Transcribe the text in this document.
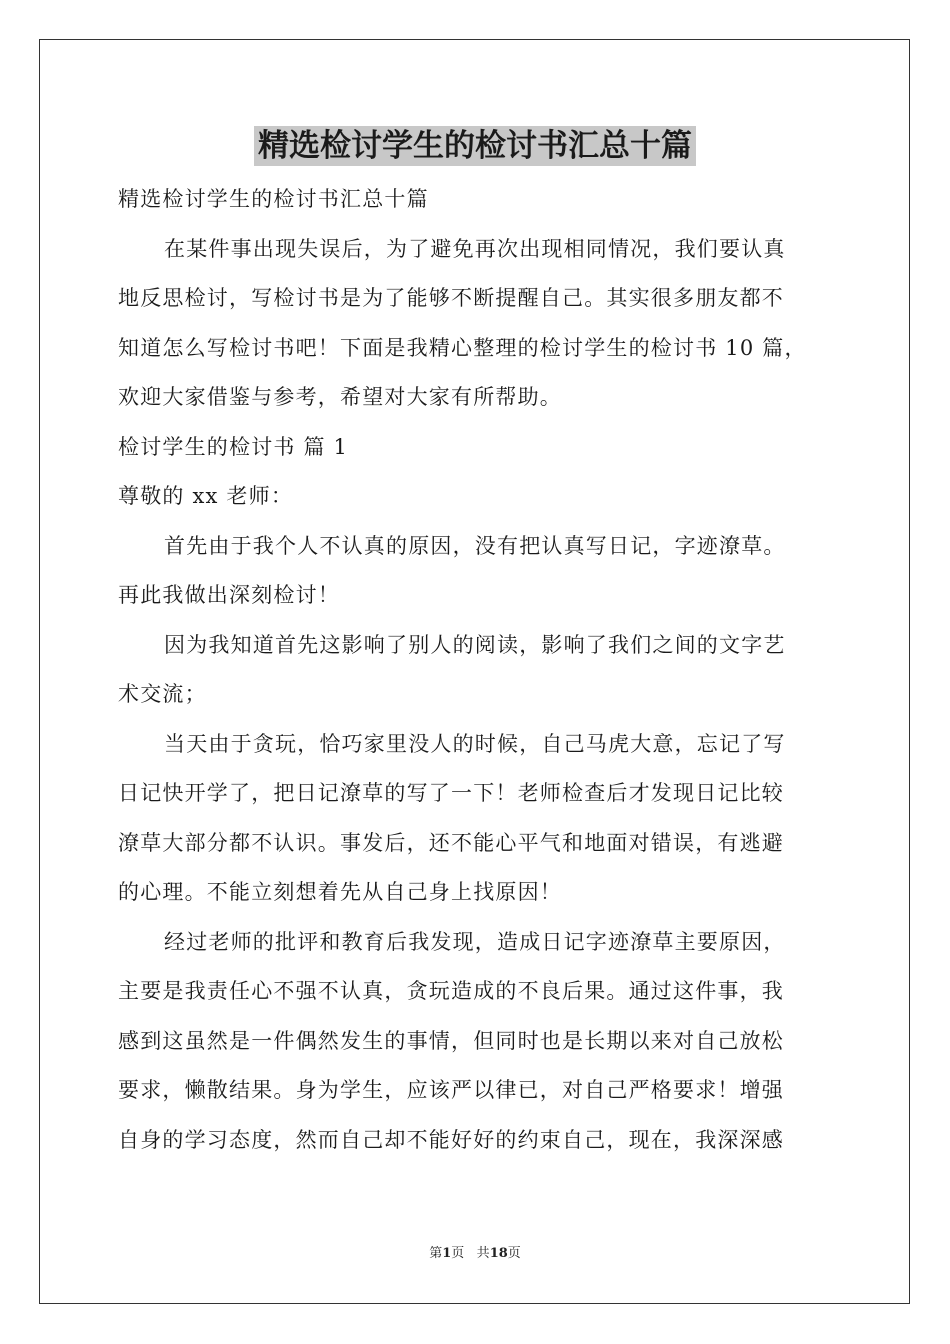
精选检讨学生的检讨书汇总十篇
精选检讨学生的检讨书汇总十篇
在某件事出现失误后，为了避免再次出现相同情况，我们要认真
地反思检讨，写检讨书是为了能够不断提醒自己。其实很多朋友都不
知道怎么写检讨书吧！下面是我精心整理的检讨学生的检讨书 10 篇，
欢迎大家借鉴与参考，希望对大家有所帮助。
检讨学生的检讨书 篇 1
尊敬的 xx 老师：
首先由于我个人不认真的原因，没有把认真写日记，字迹潦草。
再此我做出深刻检讨！
因为我知道首先这影响了别人的阅读，影响了我们之间的文字艺
术交流；
当天由于贪玩，恰巧家里没人的时候，自己马虎大意，忘记了写
日记快开学了，把日记潦草的写了一下！老师检查后才发现日记比较
潦草大部分都不认识。事发后，还不能心平气和地面对错误，有逃避
的心理。不能立刻想着先从自己身上找原因！
经过老师的批评和教育后我发现，造成日记字迹潦草主要原因，
主要是我责任心不强不认真，贪玩造成的不良后果。通过这件事，我
感到这虽然是一件偶然发生的事情，但同时也是长期以来对自己放松
要求，懒散结果。身为学生，应该严以律已，对自己严格要求！增强
自身的学习态度，然而自己却不能好好的约束自己，现在，我深深感
第1页 共18页
